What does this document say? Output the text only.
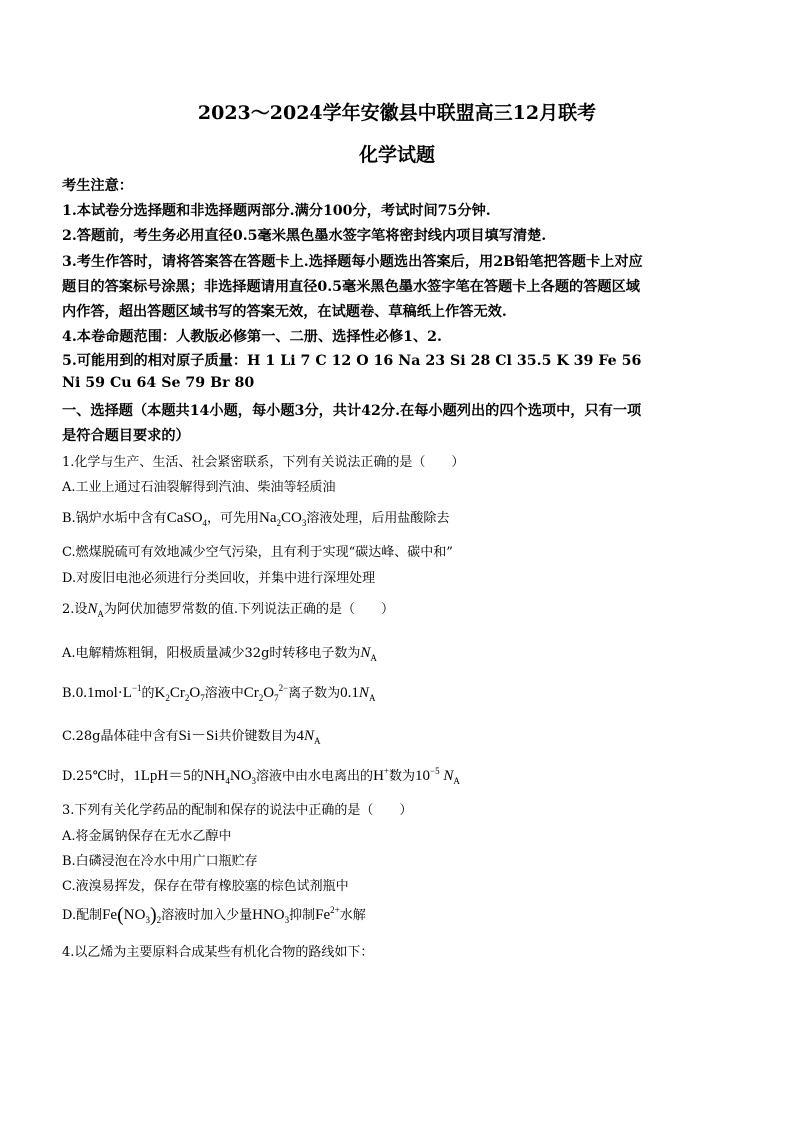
2023～2024学年安徽县中联盟高三12月联考
化学试题
考生注意：
1.本试卷分选择题和非选择题两部分.满分100分，考试时间75分钟.
2.答题前，考生务必用直径0.5毫米黑色墨水签字笔将密封线内项目填写清楚.
3.考生作答时，请将答案答在答题卡上.选择题每小题选出答案后，用2B铅笔把答题卡上对应
题目的答案标号涂黑；非选择题请用直径0.5毫米黑色墨水签字笔在答题卡上各题的答题区域
内作答，超出答题区域书写的答案无效，在试题卷、草稿纸上作答无效.
4.本卷命题范围：人教版必修第一、二册、选择性必修1、2.
5.可能用到的相对原子质量：H 1 Li 7 C 12 O 16 Na 23 Si 28 Cl 35.5 K 39 Fe 56
Ni 59 Cu 64 Se 79 Br 80
一、选择题（本题共14小题，每小题3分，共计42分.在每小题列出的四个选项中，只有一项
是符合题目要求的）
1.化学与生产、生活、社会紧密联系，下列有关说法正确的是（　　）
A.工业上通过石油裂解得到汽油、柴油等轻质油
B.锅炉水垢中含有CaSO$_4$，可先用$Na_2CO_3$溶液处理，后用盐酸除去
C.燃煤脱硫可有效地减少空气污染，且有利于实现“碳达峰、碳中和”
D.对废旧电池必须进行分类回收，并集中进行深埋处理
2.设$N_A$为阿伏加德罗常数的值.下列说法正确的是（　　）
A.电解精炼粗铜，阳极质量减少32g时转移电子数为$N_A$
$B.0.1mol\cdot L^{-1}$的$K_2Cr_2O_7$溶液中$Cr_2O_7^{2-}$离子数为$0.1N_A$
C.28g晶体硅中含有Si－Si共价键数目为$4N_A$
D.25℃时，1LpH＝5的$NH_4NO_3$溶液中由水电离出的H+数为$10^{-5}$ $N_A$
3.下列有关化学药品的配制和保存的说法中正确的是（　　）
A.将金属钠保存在无水乙醇中
B.白磷浸泡在冷水中用广口瓶贮存
C.液溴易挥发，保存在带有橡胶塞的棕色试剂瓶中
D.配制$Fe(NO_3)_2$溶液时加入少量$HNO_3$抑制$Fe^{2+}$水解
4.以乙烯为主要原料合成某些有机化合物的路线如下：
